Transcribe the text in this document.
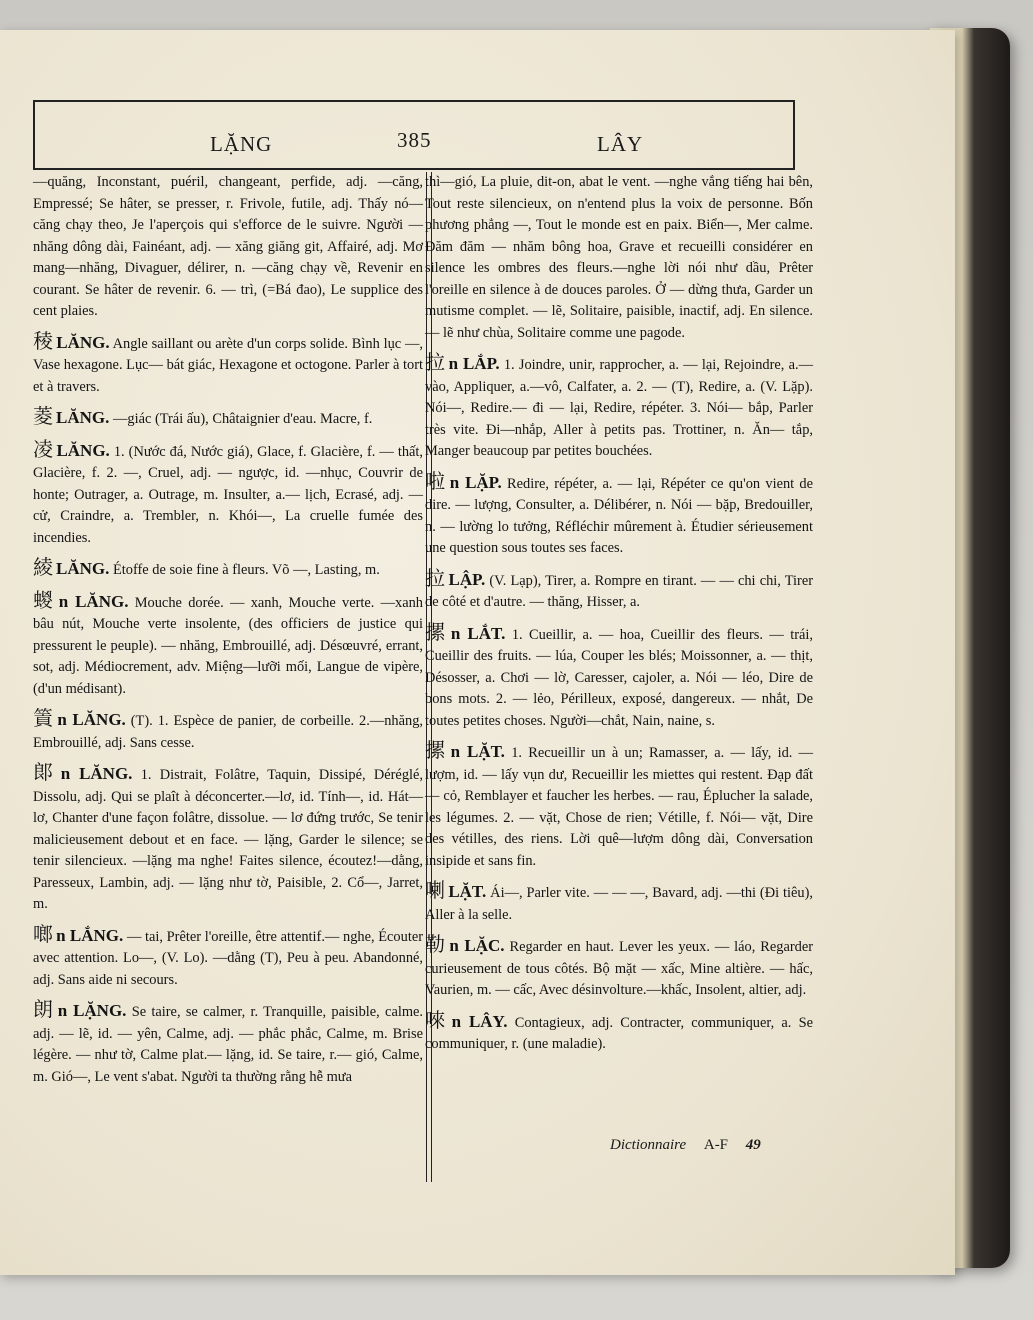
LẶNG	385	LÂY

—quăng, Inconstant, puéril, changeant, perfide, adj. —căng, Empressé; Se hâter, se presser, r. Frivole, futile, adj. Thấy nó—căng chạy theo, Je l'aperçois qui s'efforce de le suivre. Người — nhăng dông dài, Fainéant, adj. — xăng giăng git, Affairé, adj. Mơ mang—nhăng, Divaguer, délirer, n. —căng chạy về, Revenir en courant. Se hâter de revenir. 6. — trì, (=Bá đao), Le supplice des cent plaies.

稜 LĂNG. Angle saillant ou arète d'un corps solide. Bình lục —, Vase hexagone. Lục— bát giác, Hexagone et octogone. Parler à tort et à travers.

菱 LĂNG. —giác (Trái ấu), Châtaignier d'eau. Macre, f.

凌 LĂNG. 1. (Nước đá, Nước giá), Glace, f. Glacière, f. — thất, Glacière, f. 2. —, Cruel, adj. — ngược, id. —nhục, Couvrir de honte; Outrager, a. Outrage, m. Insulter, a.— lịch, Ecrasé, adj. — cử, Craindre, a. Trembler, n. Khói—, La cruelle fumée des incendies.

綾 LĂNG. Étoffe de soie fine à fleurs. Võ —, Lasting, m.

蝬 n LĂNG. Mouche dorée. — xanh, Mouche verte. —xanh bâu nút, Mouche verte insolente, (des officiers de justice qui pressurent le peuple). — nhăng, Embrouillé, adj. Désœuvré, errant, sot, adj. Médiocrement, adv. Miệng—lưỡi mối, Langue de vipère, (d'un médisant).

篢 n LĂNG. (T). 1. Espèce de panier, de corbeille. 2.—nhăng, Embrouillé, adj. Sans cesse.

郞 n LĂNG. 1. Distrait, Folâtre, Taquin, Dissipé, Déréglé, Dissolu, adj. Qui se plaît à déconcerter.—lơ, id. Tính—, id. Hát—lơ, Chanter d'une façon folâtre, dissolue. — lơ đứng trước, Se tenir malicieusement debout et en face. — lặng, Garder le silence; se tenir silencieux. —lặng ma nghe! Faites silence, écoutez!—dằng, Paresseux, Lambin, adj. — lặng như tờ, Paisible, 2. Cổ—, Jarret, m.

啷 n LẮNG. — tai, Prêter l'oreille, être attentif.— nghe, Écouter avec attention. Lo—, (V. Lo). —dằng (T), Peu à peu. Abandonné, adj. Sans aide ni secours.

朗 n LẶNG. Se taire, se calmer, r. Tranquille, paisible, calme. adj. — lẽ, id. — yên, Calme, adj. — phắc phắc, Calme, m. Brise légère. — như tờ, Calme plat.— lặng, id. Se taire, r.— gió, Calme, m. Gió—, Le vent s'abat. Người ta thường rằng hễ mưa

thì—gió, La pluie, dit-on, abat le vent. —nghe vắng tiếng hai bên, Tout reste silencieux, on n'entend plus la voix de personne. Bốn phương phẳng —, Tout le monde est en paix. Biển—, Mer calme. Đăm đăm — nhăm bông hoa, Grave et recueilli considérer en silence les ombres des fleurs.—nghe lời nói như dầu, Prêter l'oreille en silence à de douces paroles. Ở — dừng thưa, Garder un mutisme complet. — lẽ, Solitaire, paisible, inactif, adj. En silence. — lẽ như chùa, Solitaire comme une pagode.

拉 n LẮP. 1. Joindre, unir, rapprocher, a. — lại, Rejoindre, a.—vào, Appliquer, a.—vô, Calfater, a. 2. — (T), Redire, a. (V. Lặp). Nói—, Redire.— đi — lại, Redire, répéter. 3. Nói— bắp, Parler très vite. Đi—nhắp, Aller à petits pas. Trottiner, n. Ăn— tắp, Manger beaucoup par petites bouchées.

啦 n LẶP. Redire, répéter, a. — lại, Répéter ce qu'on vient de dire. — lượng, Consulter, a. Délibérer, n. Nói — bặp, Bredouiller, n. — lường lo tưởng, Réfléchir mûrement à. Étudier sérieusement une question sous toutes ses faces.

拉 LẬP. (V. Lạp), Tirer, a. Rompre en tirant. — — chi chi, Tirer de côté et d'autre. — thăng, Hisser, a.

摞 n LẮT. 1. Cueillir, a. — hoa, Cueillir des fleurs. — trái, Cueillir des fruits. — lúa, Couper les blés; Moissonner, a. — thịt, Désosser, a. Chơi — lờ, Caresser, cajoler, a. Nói — léo, Dire de bons mots. 2. — lẻo, Périlleux, exposé, dangereux. — nhắt, De toutes petites choses. Người—chắt, Nain, naine, s.

摞 n LẶT. 1. Recueillir un à un; Ramasser, a. — lấy, id. — lượm, id. — lấy vụn dư, Recueillir les miettes qui restent. Đạp đất — cỏ, Remblayer et faucher les herbes. — rau, Éplucher la salade, les légumes. 2. — vặt, Chose de rien; Vétille, f. Nói— vặt, Dire des vétilles, des riens. Lời quê—lượm dông dài, Conversation insipide et sans fin.

喇 LẶT. Ái—, Parler vite. — — —, Bavard, adj. —thi (Đi tiêu), Aller à la selle.

勒 n LẶC. Regarder en haut. Lever les yeux. — láo, Regarder curieusement de tous côtés. Bộ mặt — xấc, Mine altière. — hấc, Vaurien, m. — cấc, Avec désinvolture.—khấc, Insolent, altier, adj.

唻 n LÂY. Contagieux, adj. Contracter, communiquer, a. Se communiquer, r. (une maladie).

Dictionnaire A-F 49
